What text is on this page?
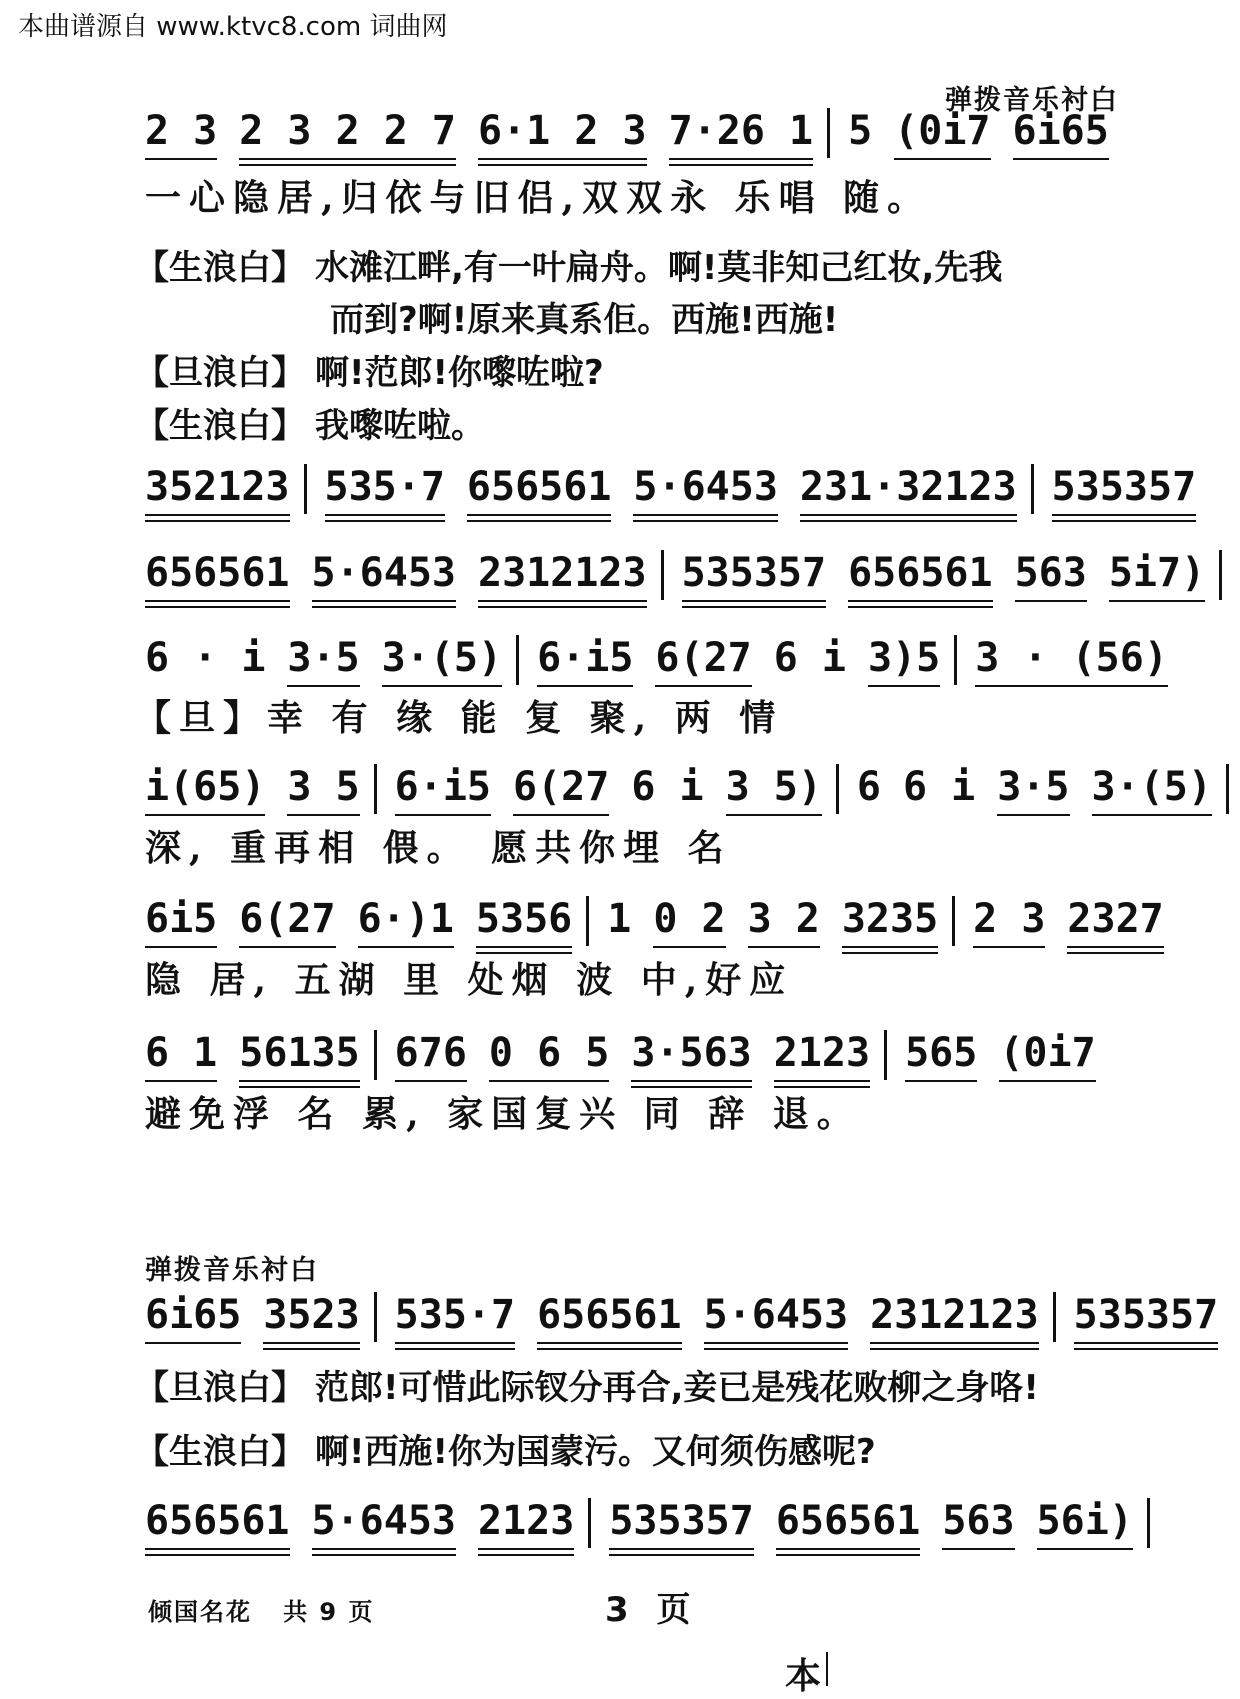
本曲谱源自 www.ktvc8.com 词曲网
弹拨音乐衬白
2 3 2 3 2 2 7 6·1 2 3 7·26 1 5 (0i7 6i65
一心隐居,归依与旧侣,双双永 乐唱 随。
【生浪白】 水滩江畔,有一叶扁舟。啊!莫非知己红妆,先我
而到?啊!原来真系佢。西施!西施!
【旦浪白】 啊!范郎!你嚟咗啦?
【生浪白】 我嚟咗啦。
352123 535·7 656561 5·6453 231·32123 535357
656561 5·6453 2312123 535357 656561 563 5i7)
6 · i 3·5 3·(5) 6·i5 6(27 6 i 3)5 3 · (56)
【旦】幸 有 缘 能 复 聚, 两 情
i(65) 3 5 6·i5 6(27 6 i 3 5) 6 6 i 3·5 3·(5)
深, 重再相 偎。 愿共你埋 名
6i5 6(27 6·)1 5356 1 0 2 3 2 3235 2 3 2327
隐 居, 五湖 里 处烟 波 中,好应
6 1 56135 676 0 6 5 3·563 2123 565 (0i7
避免浮 名 累, 家国复兴 同 辞 退。
弹拨音乐衬白
6i65 3523 535·7 656561 5·6453 2312123 535357
【旦浪白】 范郎!可惜此际钗分再合,妾已是残花败柳之身咯!
【生浪白】 啊!西施!你为国蒙污。又何须伤感呢?
656561 5·6453 2123 535357 656561 563 56i)
倾国名花 共 9 页	3 页
本
